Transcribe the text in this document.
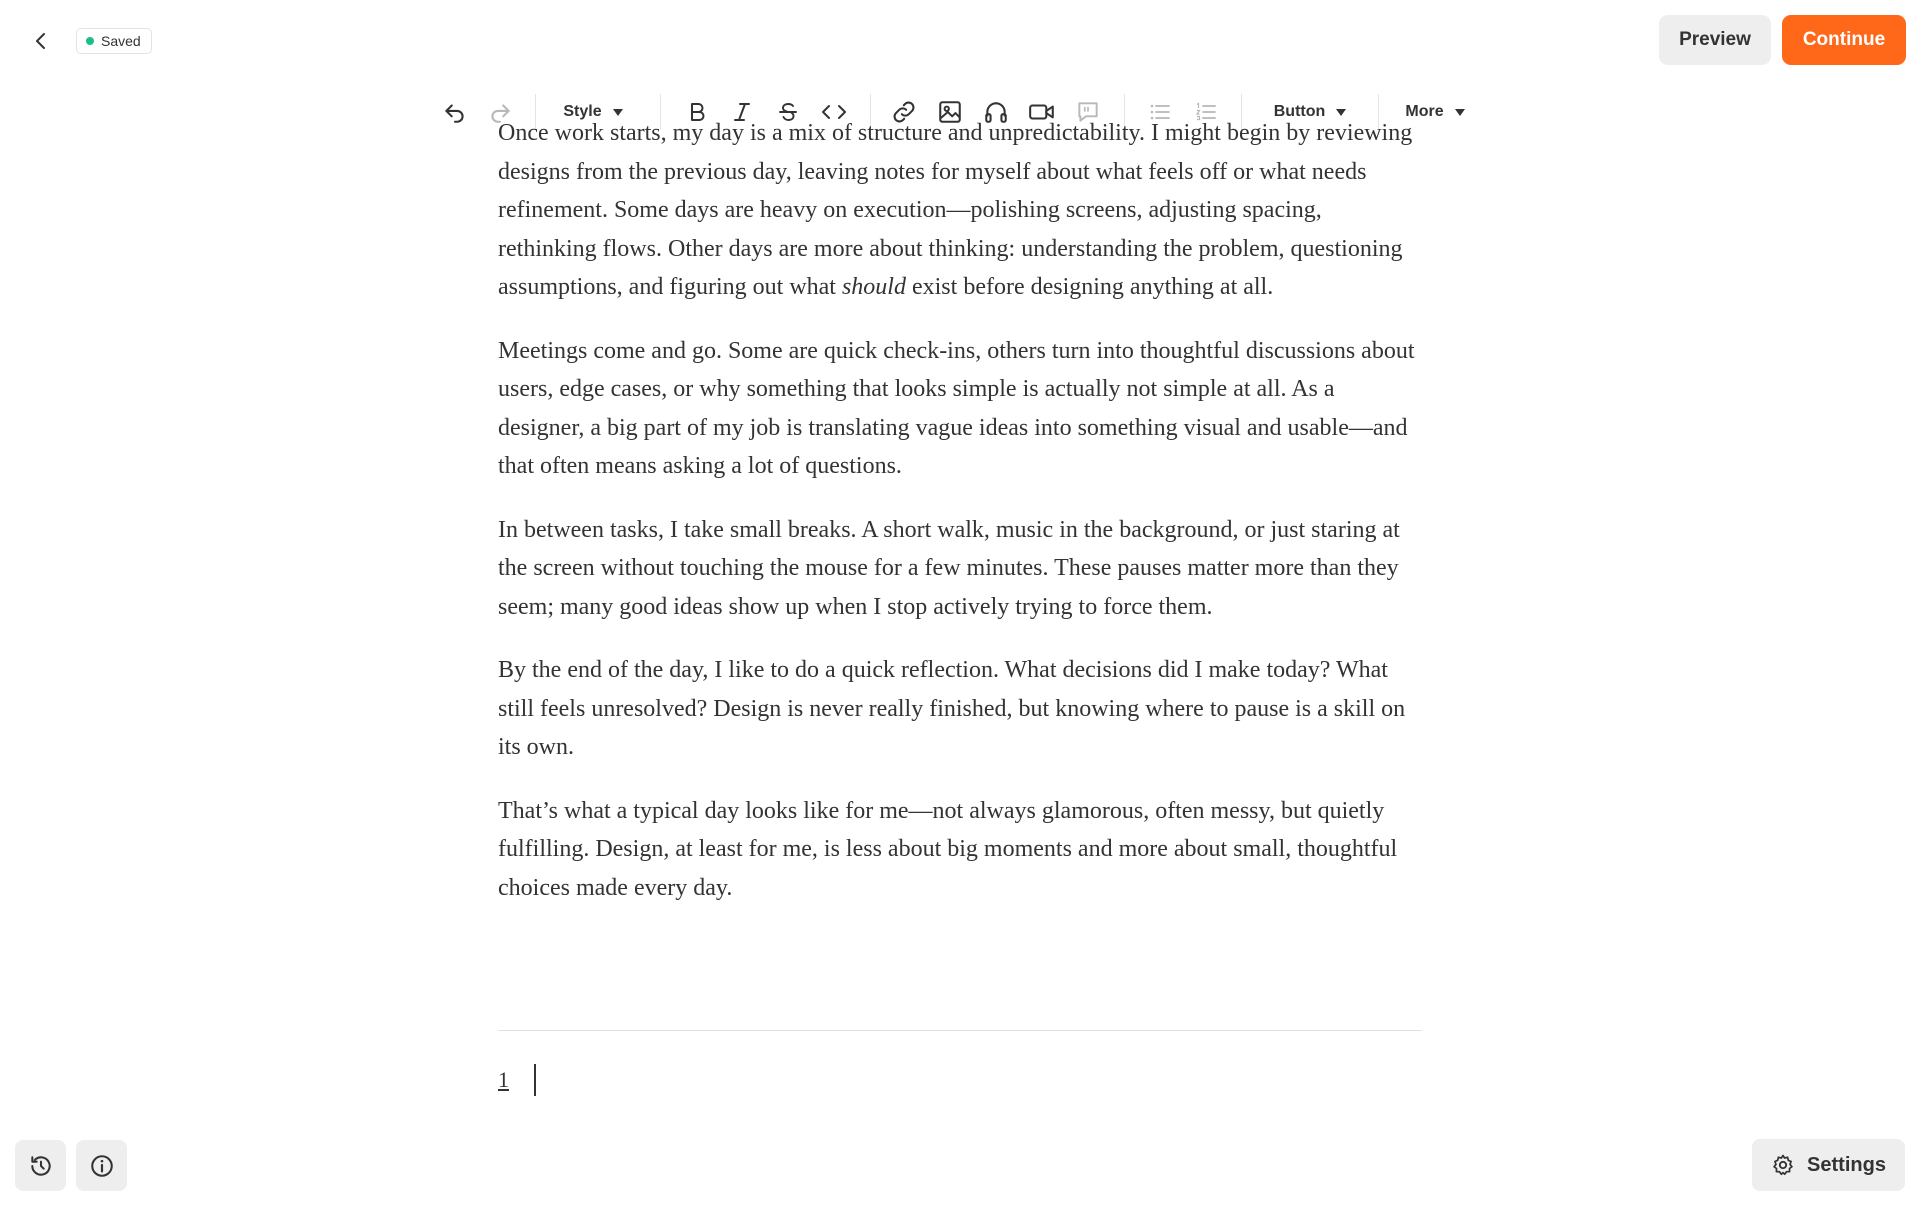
Saved	Preview	Continue
Style	Button	More

Once work starts, my day is a mix of structure and unpredictability. I might begin by reviewing designs from the previous day, leaving notes for myself about what feels off or what needs refinement. Some days are heavy on execution—polishing screens, adjusting spacing, rethinking flows. Other days are more about thinking: understanding the problem, questioning assumptions, and figuring out what should exist before designing anything at all.

Meetings come and go. Some are quick check-ins, others turn into thoughtful discussions about users, edge cases, or why something that looks simple is actually not simple at all. As a designer, a big part of my job is translating vague ideas into something visual and usable—and that often means asking a lot of questions.

In between tasks, I take small breaks. A short walk, music in the background, or just staring at the screen without touching the mouse for a few minutes. These pauses matter more than they seem; many good ideas show up when I stop actively trying to force them.

By the end of the day, I like to do a quick reflection. What decisions did I make today? What still feels unresolved? Design is never really finished, but knowing where to pause is a skill on its own.

That’s what a typical day looks like for me—not always glamorous, often messy, but quietly fulfilling. Design, at least for me, is less about big moments and more about small, thoughtful choices made every day.

1
Settings
